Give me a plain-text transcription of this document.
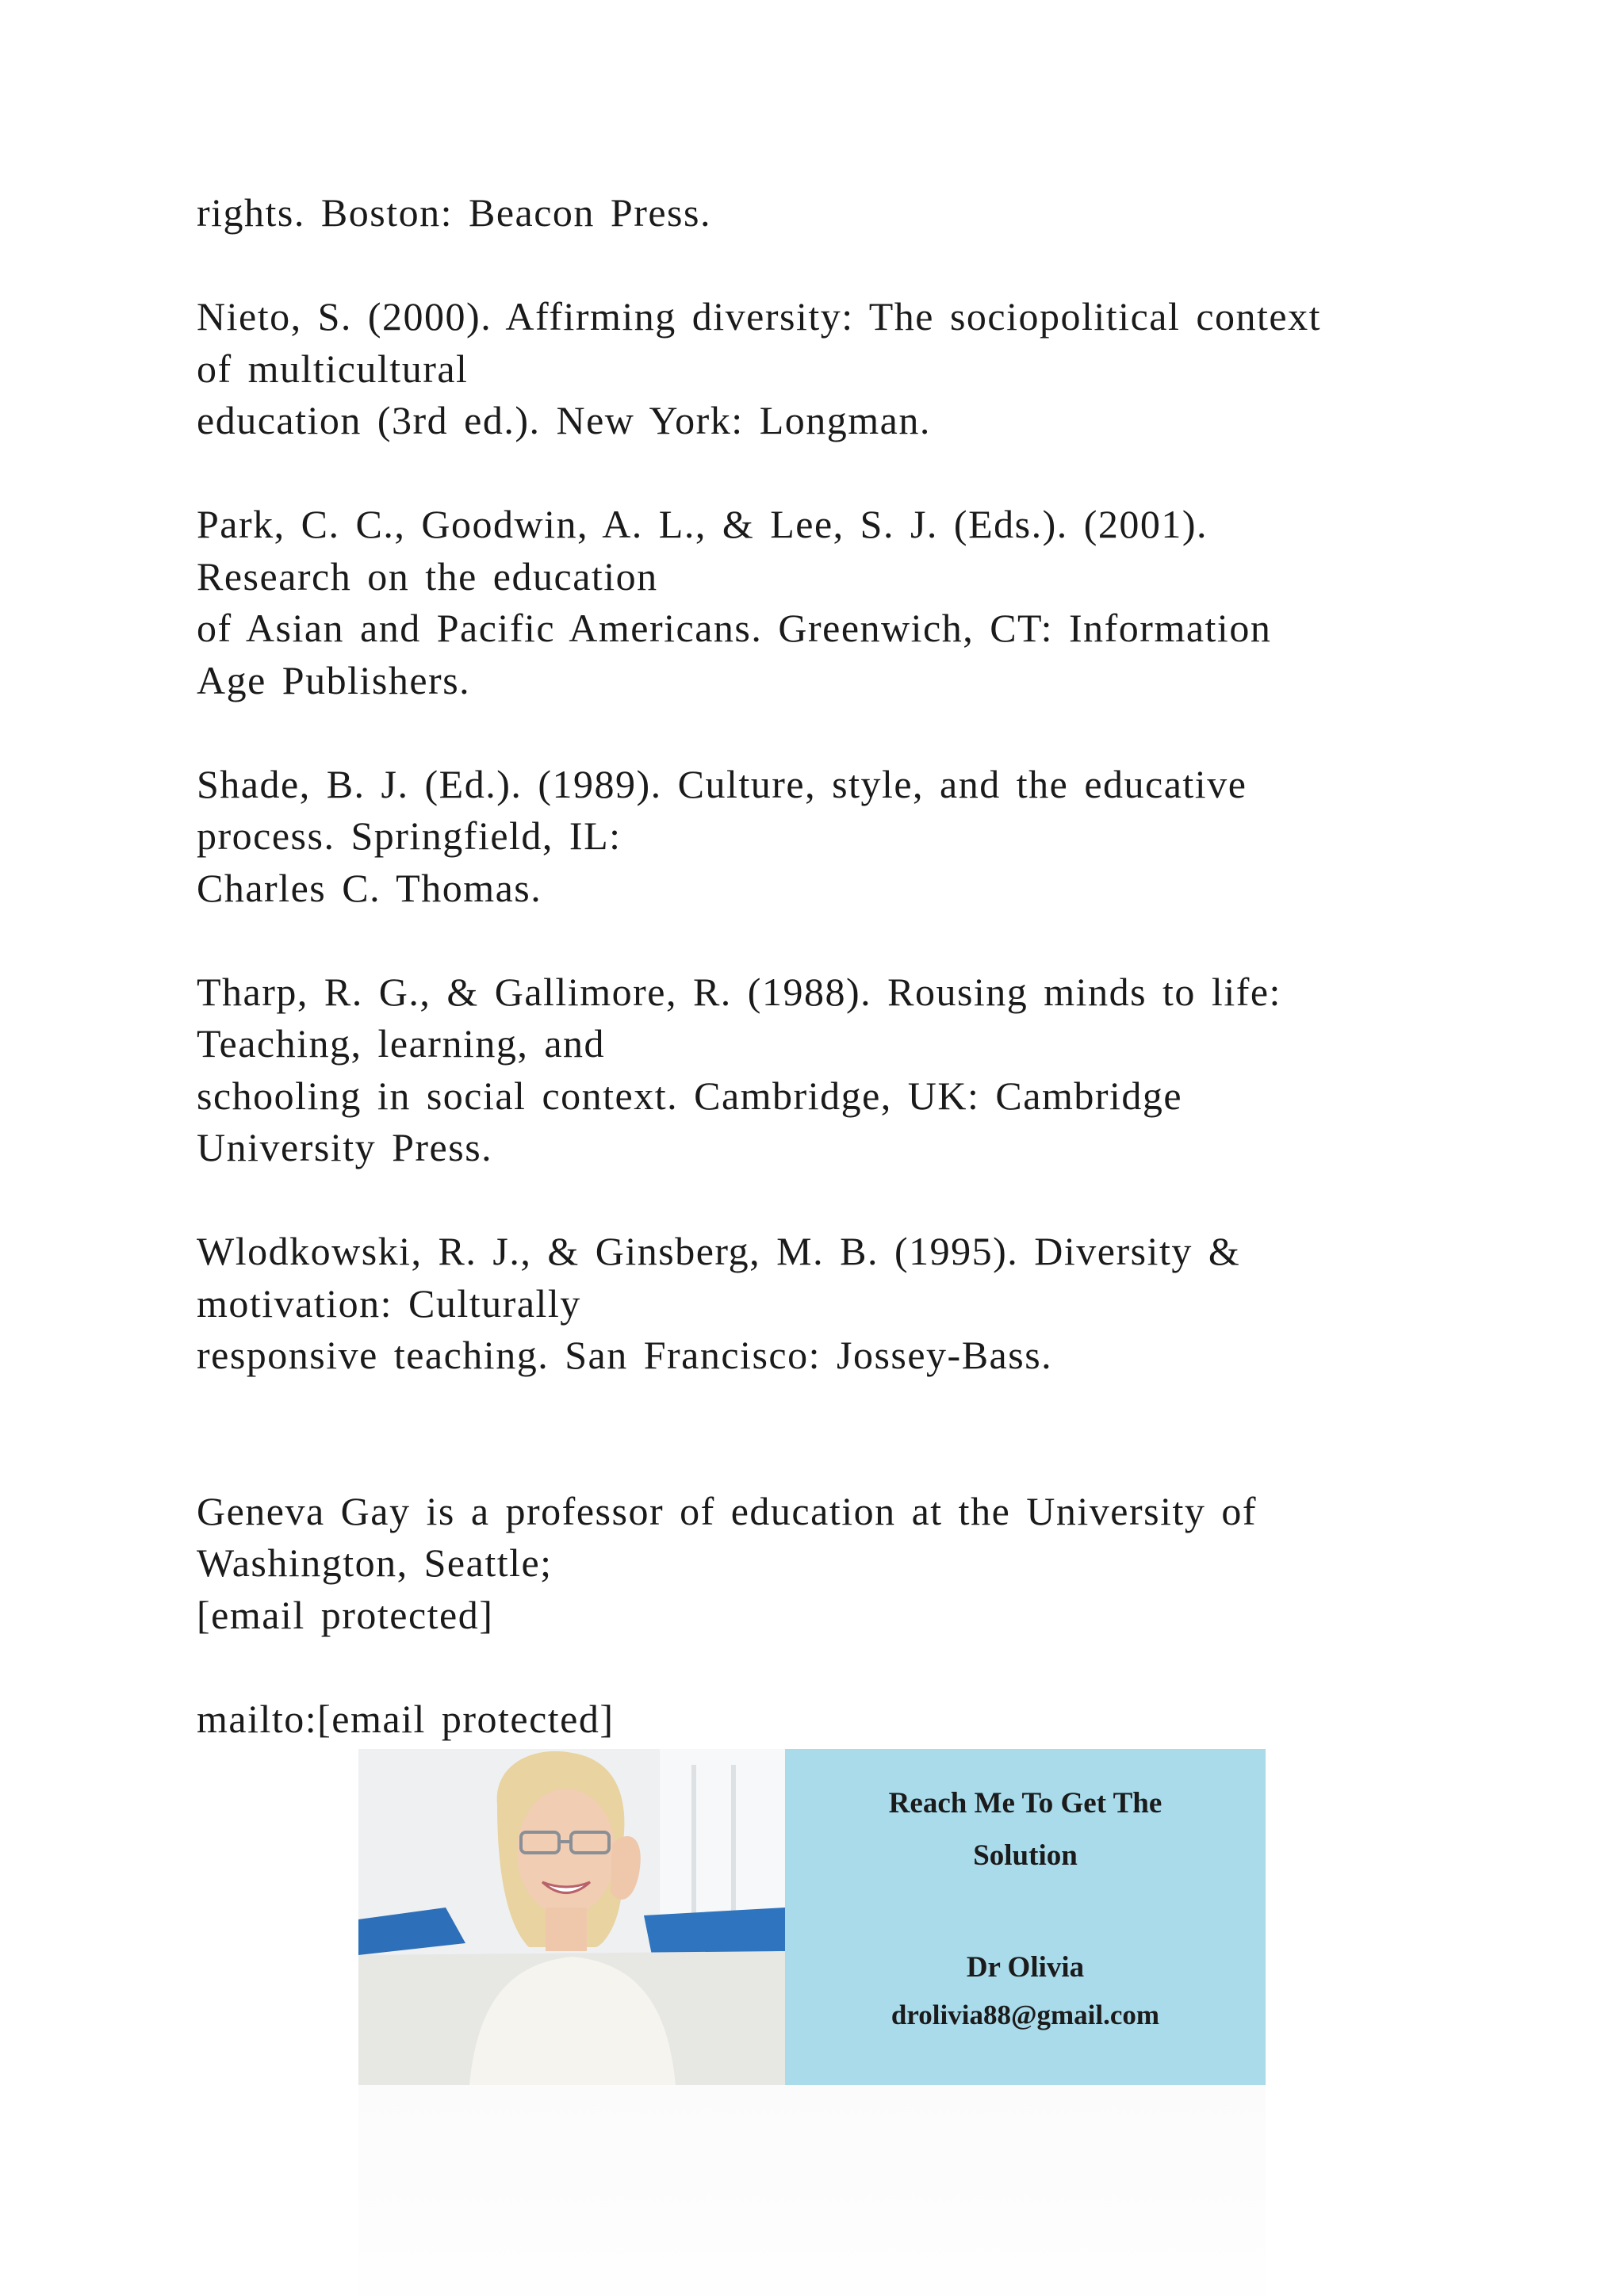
rights. Boston: Beacon Press.
Nieto, S. (2000). Affirming diversity: The sociopolitical context
of multicultural
education (3rd ed.). New York: Longman.
Park, C. C., Goodwin, A. L., & Lee, S. J. (Eds.). (2001).
Research on the education
of Asian and Pacific Americans. Greenwich, CT: Information
Age Publishers.
Shade, B. J. (Ed.). (1989). Culture, style, and the educative
process. Springfield, IL:
Charles C. Thomas.
Tharp, R. G., & Gallimore, R. (1988). Rousing minds to life:
Teaching, learning, and
schooling in social context. Cambridge, UK: Cambridge
University Press.
Wlodkowski, R. J., & Ginsberg, M. B. (1995). Diversity &
motivation: Culturally
responsive teaching. San Francisco: Jossey-Bass.
Geneva Gay is a professor of education at the University of
Washington, Seattle;
[email protected]
mailto:[email protected]
Reach Me To Get The
Solution
Dr Olivia
drolivia88@gmail.com
